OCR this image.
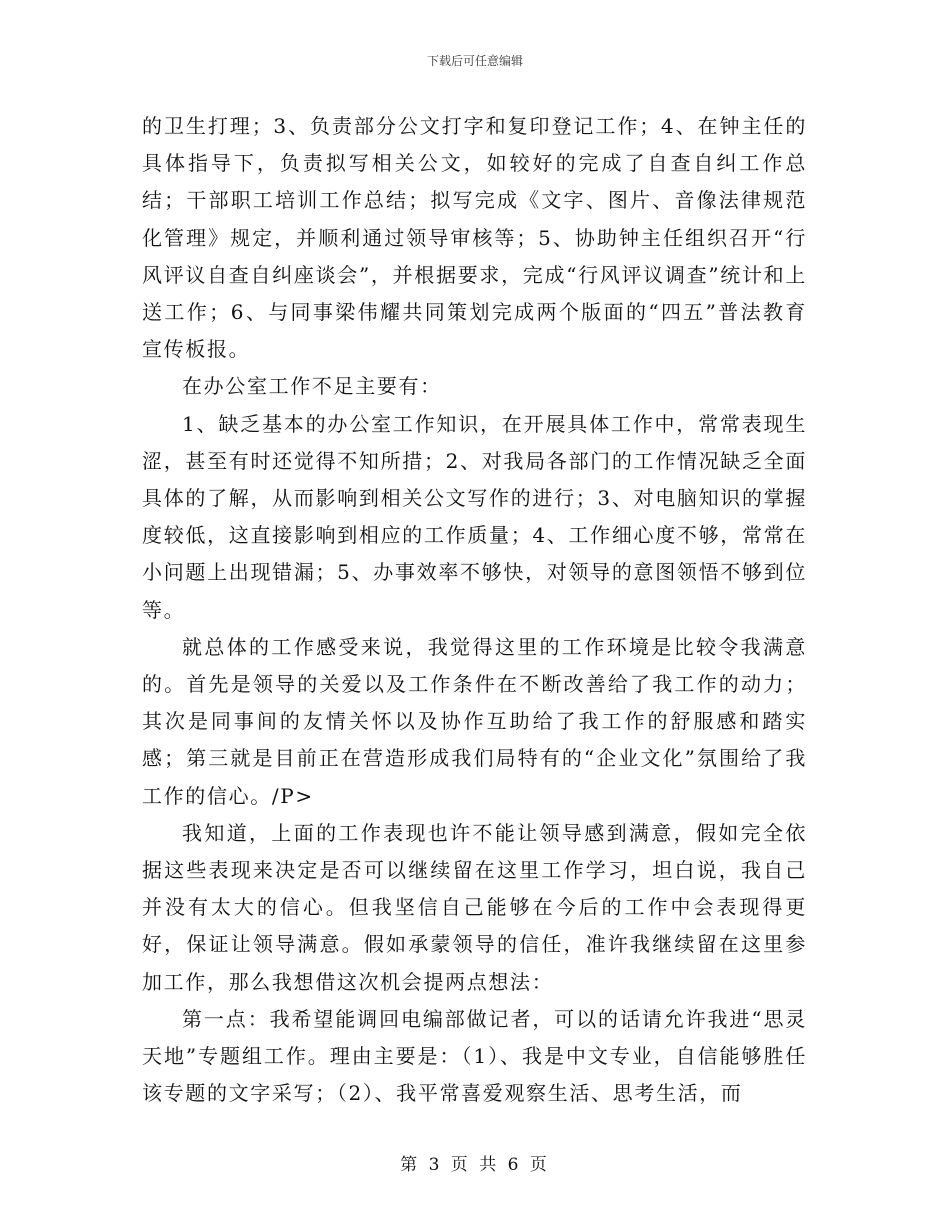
下载后可任意编辑

的卫生打理；3、负责部分公文打字和复印登记工作；4、在钟主任的具体指导下，负责拟写相关公文，如较好的完成了自查自纠工作总结；干部职工培训工作总结；拟写完成《文字、图片、音像法律规范化管理》规定，并顺利通过领导审核等；5、协助钟主任组织召开“行风评议自查自纠座谈会”，并根据要求，完成“行风评议调查”统计和上送工作；6、与同事梁伟耀共同策划完成两个版面的“四五”普法教育宣传板报。

在办公室工作不足主要有：

1、缺乏基本的办公室工作知识，在开展具体工作中，常常表现生涩，甚至有时还觉得不知所措；2、对我局各部门的工作情况缺乏全面具体的了解，从而影响到相关公文写作的进行；3、对电脑知识的掌握度较低，这直接影响到相应的工作质量；4、工作细心度不够，常常在小问题上出现错漏；5、办事效率不够快，对领导的意图领悟不够到位等。

就总体的工作感受来说，我觉得这里的工作环境是比较令我满意的。首先是领导的关爱以及工作条件在不断改善给了我工作的动力；其次是同事间的友情关怀以及协作互助给了我工作的舒服感和踏实感；第三就是目前正在营造形成我们局特有的“企业文化”氛围给了我工作的信心。/P>

我知道，上面的工作表现也许不能让领导感到满意，假如完全依据这些表现来决定是否可以继续留在这里工作学习，坦白说，我自己并没有太大的信心。但我坚信自己能够在今后的工作中会表现得更好，保证让领导满意。假如承蒙领导的信任，准许我继续留在这里参加工作，那么我想借这次机会提两点想法：

第一点：我希望能调回电编部做记者，可以的话请允许我进“思灵天地”专题组工作。理由主要是：（1）、我是中文专业，自信能够胜任该专题的文字采写；（2）、我平常喜爱观察生活、思考生活，而

第 3 页 共 6 页
